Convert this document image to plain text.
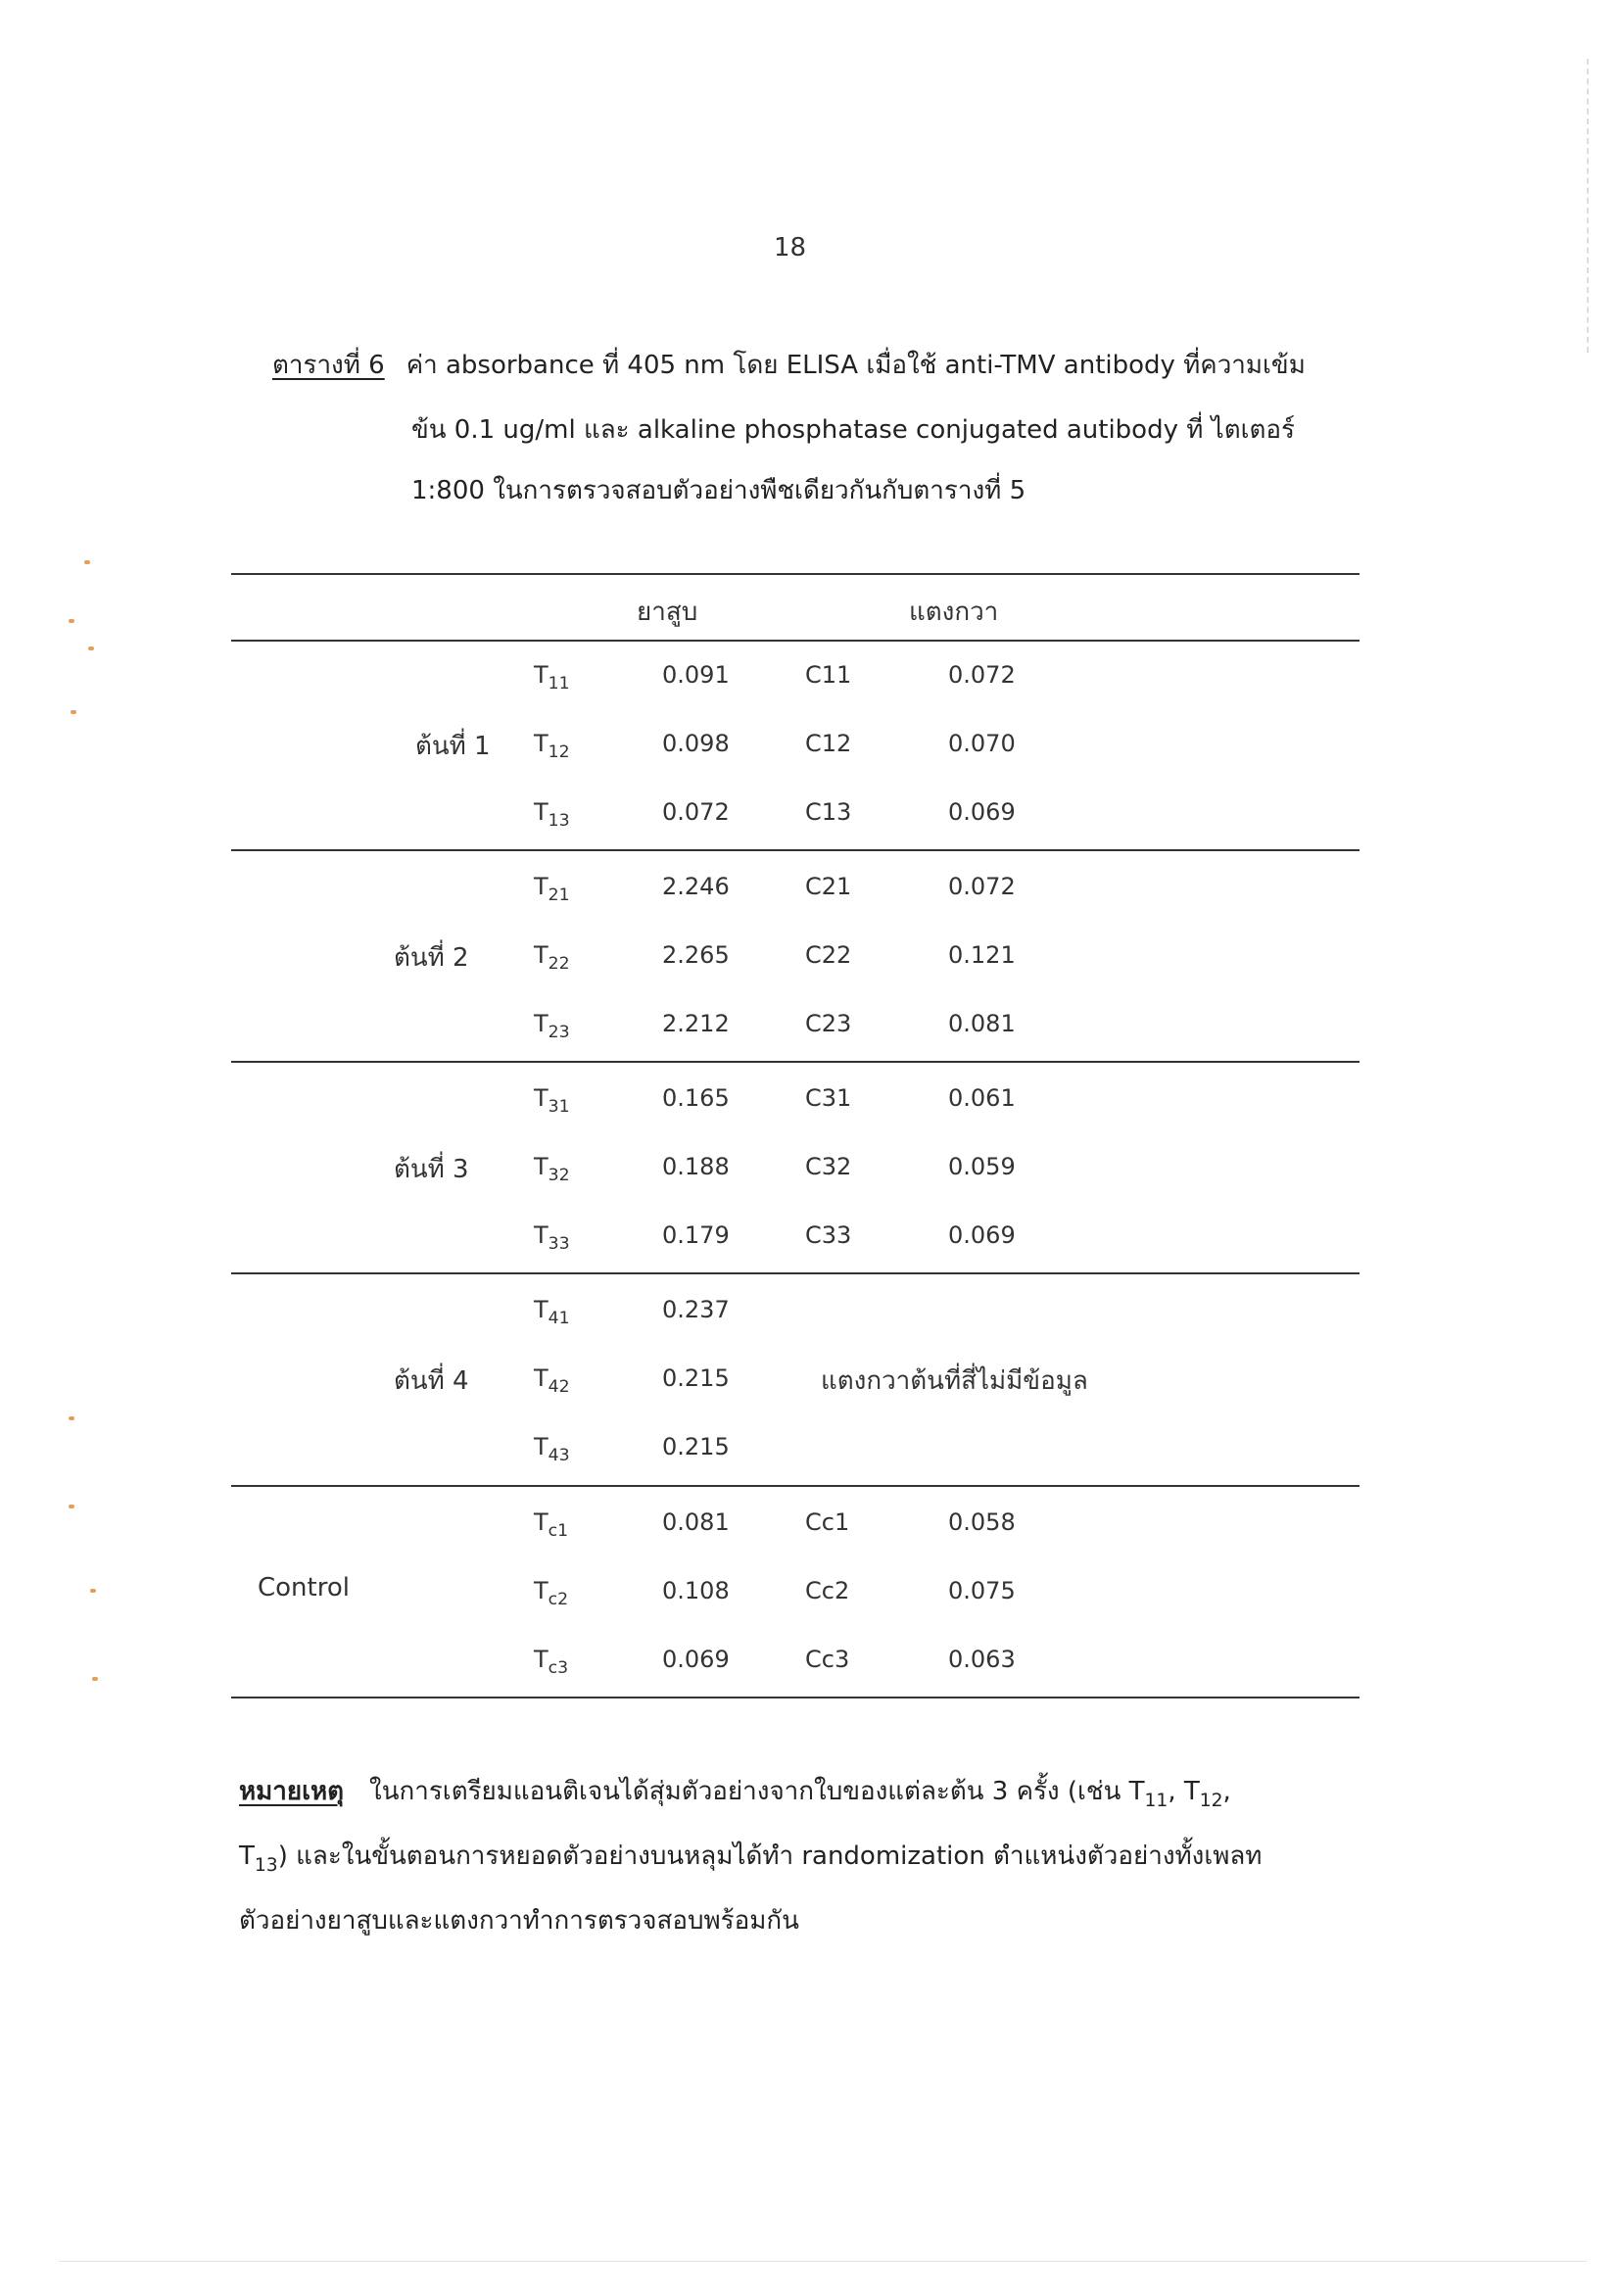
18
ตารางที่ 6 ค่า absorbance ที่ 405 nm โดย ELISA เมื่อใช้ anti-TMV antibody ที่ความเข้ม
ข้น 0.1 ug/ml และ alkaline phosphatase conjugated autibody ที่ ไตเตอร์
1:800 ในการตรวจสอบตัวอย่างพืชเดียวกันกับตารางที่ 5
ยาสูบ	แตงกวา
ต้นที่ 1
$T_{11}$	0.091	C11	0.072
$T_{12}$	0.098	C12	0.070
$T_{13}$	0.072	C13	0.069
ต้นที่ 2
$T_{21}$	2.246	C21	0.072
$T_{22}$	2.265	C22	0.121
$T_{23}$	2.212	C23	0.081
ต้นที่ 3
$T_{31}$	0.165	C31	0.061
$T_{32}$	0.188	C32	0.059
$T_{33}$	0.179	C33	0.069
ต้นที่ 4
$T_{41}$	0.237
$T_{42}$	0.215
$T_{43}$	0.215
แตงกวาต้นที่สี่ไม่มีข้อมูล
Control
$T_{c1}$	0.081	Cc1	0.058
$T_{c2}$	0.108	Cc2	0.075
$T_{c3}$	0.069	Cc3	0.063
หมายเหตุ ในการเตรียมแอนติเจนได้สุ่มตัวอย่างจากใบของแต่ละต้น 3 ครั้ง (เช่น $T_{11}$, $T_{12}$,
$T_{13}$) และในขั้นตอนการหยอดตัวอย่างบนหลุมได้ทำ randomization ตำแหน่งตัวอย่างทั้งเพลท
ตัวอย่างยาสูบและแตงกวาทำการตรวจสอบพร้อมกัน
